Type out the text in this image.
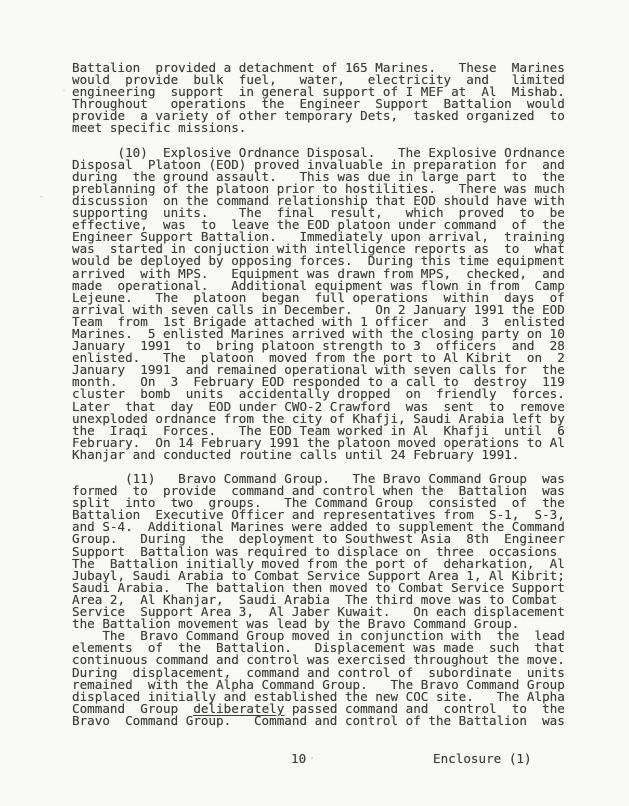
Battalion  provided a detachment of 165 Marines.   These  Marines
would  provide  bulk  fuel,   water,   electricity  and   limited
engineering  support  in general support of I MEF at  Al  Mishab.
Throughout   operations  the  Engineer  Support  Battalion  would
provide  a variety of other temporary Dets,  tasked organized  to
meet specific missions.
(10)  Explosive Ordnance Disposal.   The Explosive Ordnance
Disposal  Platoon (EOD) proved invaluable in preparation for  and
during  the ground assault.   This was due in large part  to  the
preblanning of the platoon prior to hostilities.   There was much
discussion  on the command relationship that EOD should have with
supporting  units.    The  final  result,   which  proved  to  be
effective,  was  to  leave the EOD platoon under command  of  the
Engineer Support Battalion.   Immediately upon arrival,  training
was  started in conjuction with intelligence reports as  to  what
would be deployed by opposing forces.  During this time equipment
arrived  with MPS.   Equipment was drawn from MPS,  checked,  and
made  operational.   Additional equipment was flown in from  Camp
Lejeune.   The  platoon  began  full operations  within  days  of
arrival with seven calls in December.   On 2 January 1991 the EOD
Team  from  1st Brigade attached with 1 officer  and  3  enlisted
Marines.  5 enlisted Marines arrived with the closing party on 10
January  1991  to  bring platoon strength to 3  officers  and  28
enlisted.   The  platoon  moved from the port to Al Kibrit  on  2
January  1991  and remained operational with seven calls for  the
month.   On  3  February EOD responded to a call to  destroy  119
cluster  bomb  units  accidentally dropped  on  friendly  forces.
Later  that  day  EOD under CWO-2 Crawford  was  sent  to  remove
unexploded ordnance from the city of Khafji, Saudi Arabia left by
the  Iraqi  Forces.   The EOD Team worked in Al  Khafji  until  6
February.  On 14 February 1991 the platoon moved operations to Al
Khanjar and conducted routine calls until 24 February 1991.
(11)   Bravo Command Group.   The Bravo Command Group  was
formed  to  provide  command and control when the  Battalion  was
split  into  two  groups.   The Command Group  consisted  of  the
Battalion  Executive Officer and representatives from  S-1,  S-3,
and S-4.  Additional Marines were added to supplement the Command
Group.   During  the  deployment to Southwest Asia  8th  Engineer
Support  Battalion was required to displace on  three  occasions
The  Battalion initially moved from the port of  deharkation,  Al
Jubayl, Saudi Arabia to Combat Service Support Area 1, Al Kibrit;
Saudi Arabia.  The battalion then moved to Combat Service Support
Area 2,  Al Khanjar,  Saudi Arabia  The third move was to Combat
Service  Support Area 3,  Al Jaber Kuwait.   On each displacement
the Battalion movement was lead by the Bravo Command Group.
The  Bravo Command Group moved in conjunction with  the  lead
elements  of  the  Battalion.   Displacement was made  such  that
continuous command and control was exercised throughout the move.
During  displacement,  command and control of  subordinate  units
remained  with the Alpha Command Group.   The Bravo Command Group
displaced initially and established the new COC site.   The Alpha
Command  Group  deliberately passed command and  control  to  the
Bravo  Command Group.   Command and control of the Battalion  was
10	Enclosure (1)
